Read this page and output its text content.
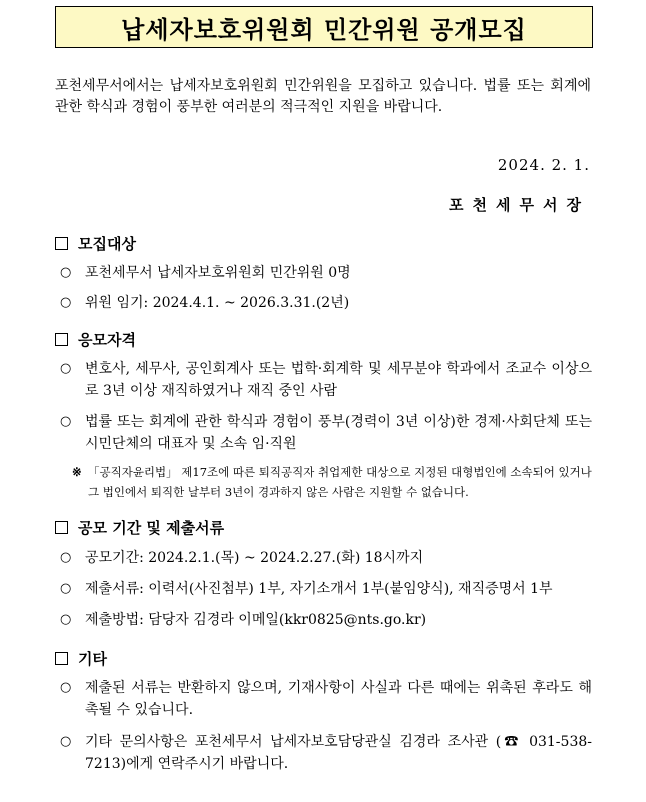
납세자보호위원회 민간위원 공개모집
포천세무서에서는 납세자보호위원회 민간위원을 모집하고 있습니다. 법률 또는 회계에 관한 학식과 경험이 풍부한 여러분의 적극적인 지원을 바랍니다.
2024. 2. 1.
포천세무서장
모집대상
○ 포천세무서 납세자보호위원회 민간위원 0명
○ 위원 임기: 2024.4.1. ~ 2026.3.31.(2년)
응모자격
○ 변호사, 세무사, 공인회계사 또는 법학·회계학 및 세무분야 학과에서 조교수 이상으로 3년 이상 재직하였거나 재직 중인 사람
○ 법률 또는 회계에 관한 학식과 경험이 풍부(경력이 3년 이상)한 경제·사회단체 또는 시민단체의 대표자 및 소속 임·직원
※ 「공직자윤리법」 제17조에 따른 퇴직공직자 취업제한 대상으로 지정된 대형법인에 소속되어 있거나 그 법인에서 퇴직한 날부터 3년이 경과하지 않은 사람은 지원할 수 없습니다.
공모 기간 및 제출서류
○ 공모기간: 2024.2.1.(목) ~ 2024.2.27.(화) 18시까지
○ 제출서류: 이력서(사진첨부) 1부, 자기소개서 1부(붙임양식), 재직증명서 1부
○ 제출방법: 담당자 김경라 이메일(kkr0825@nts.go.kr)
기타
○ 제출된 서류는 반환하지 않으며, 기재사항이 사실과 다른 때에는 위촉된 후라도 해촉될 수 있습니다.
○ 기타 문의사항은 포천세무서 납세자보호담당관실 김경라 조사관 (☎ 031-538-7213)에게 연락주시기 바랍니다.
